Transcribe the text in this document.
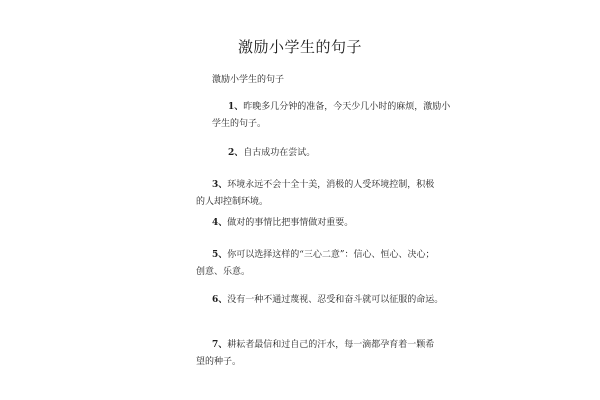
激励小学生的句子
激励小学生的句子
1、昨晚多几分钟的准备，今天少几小时的麻烦，激励小
学生的句子。
2、自古成功在尝试。
3、环境永远不会十全十美，消极的人受环境控制，积极
的人却控制环境。
4、做对的事情比把事情做对重要。
5、你可以选择这样的“三心二意”：信心、恒心、决心；
创意、乐意。
6、没有一种不通过蔑视、忍受和奋斗就可以征服的命运。
7、耕耘者最信和过自己的汗水，每一滴都孕育着一颗希
望的种子。
